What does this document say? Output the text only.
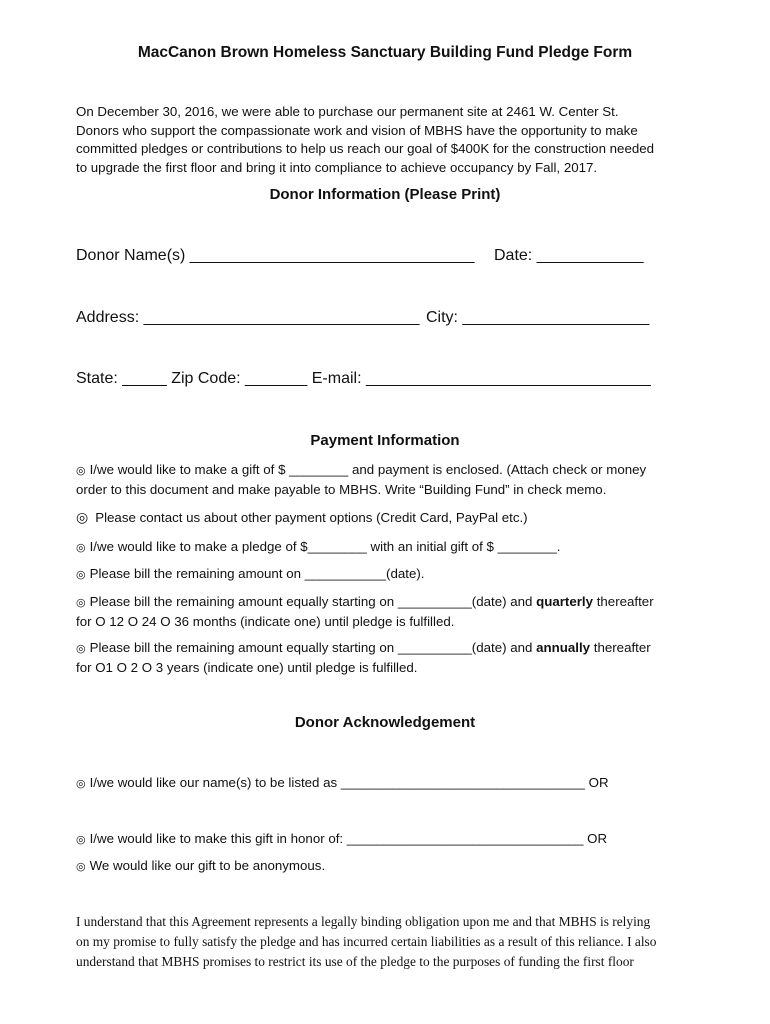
MacCanon Brown Homeless Sanctuary Building Fund Pledge Form
On December 30, 2016, we were able to purchase our permanent site at 2461 W. Center St.
Donors who support the compassionate work and vision of MBHS have the opportunity to make
committed pledges or contributions to help us reach our goal of $400K for the construction needed
to upgrade the first floor and bring it into compliance to achieve occupancy by Fall, 2017.
Donor Information (Please Print)
Donor Name(s) ________________________________ Date: ____________
Address: _______________________________ City: _____________________
State: _____ Zip Code: _______ E-mail: ________________________________
Payment Information
◎ I/we would like to make a gift of $ ________ and payment is enclosed. (Attach check or money
order to this document and make payable to MBHS. Write “Building Fund” in check memo.
◎ Please contact us about other payment options (Credit Card, PayPal etc.)
◎ I/we would like to make a pledge of $________ with an initial gift of $ ________.
◎ Please bill the remaining amount on ___________(date).
◎ Please bill the remaining amount equally starting on __________(date) and quarterly thereafter
for O 12 O 24 O 36 months (indicate one) until pledge is fulfilled.
◎ Please bill the remaining amount equally starting on __________(date) and annually thereafter
for O1 O 2 O 3 years (indicate one) until pledge is fulfilled.
Donor Acknowledgement
◎ I/we would like our name(s) to be listed as _________________________________ OR
◎ I/we would like to make this gift in honor of: ________________________________ OR
◎ We would like our gift to be anonymous.
I understand that this Agreement represents a legally binding obligation upon me and that MBHS is relying
on my promise to fully satisfy the pledge and has incurred certain liabilities as a result of this reliance. I also
understand that MBHS promises to restrict its use of the pledge to the purposes of funding the first floor
